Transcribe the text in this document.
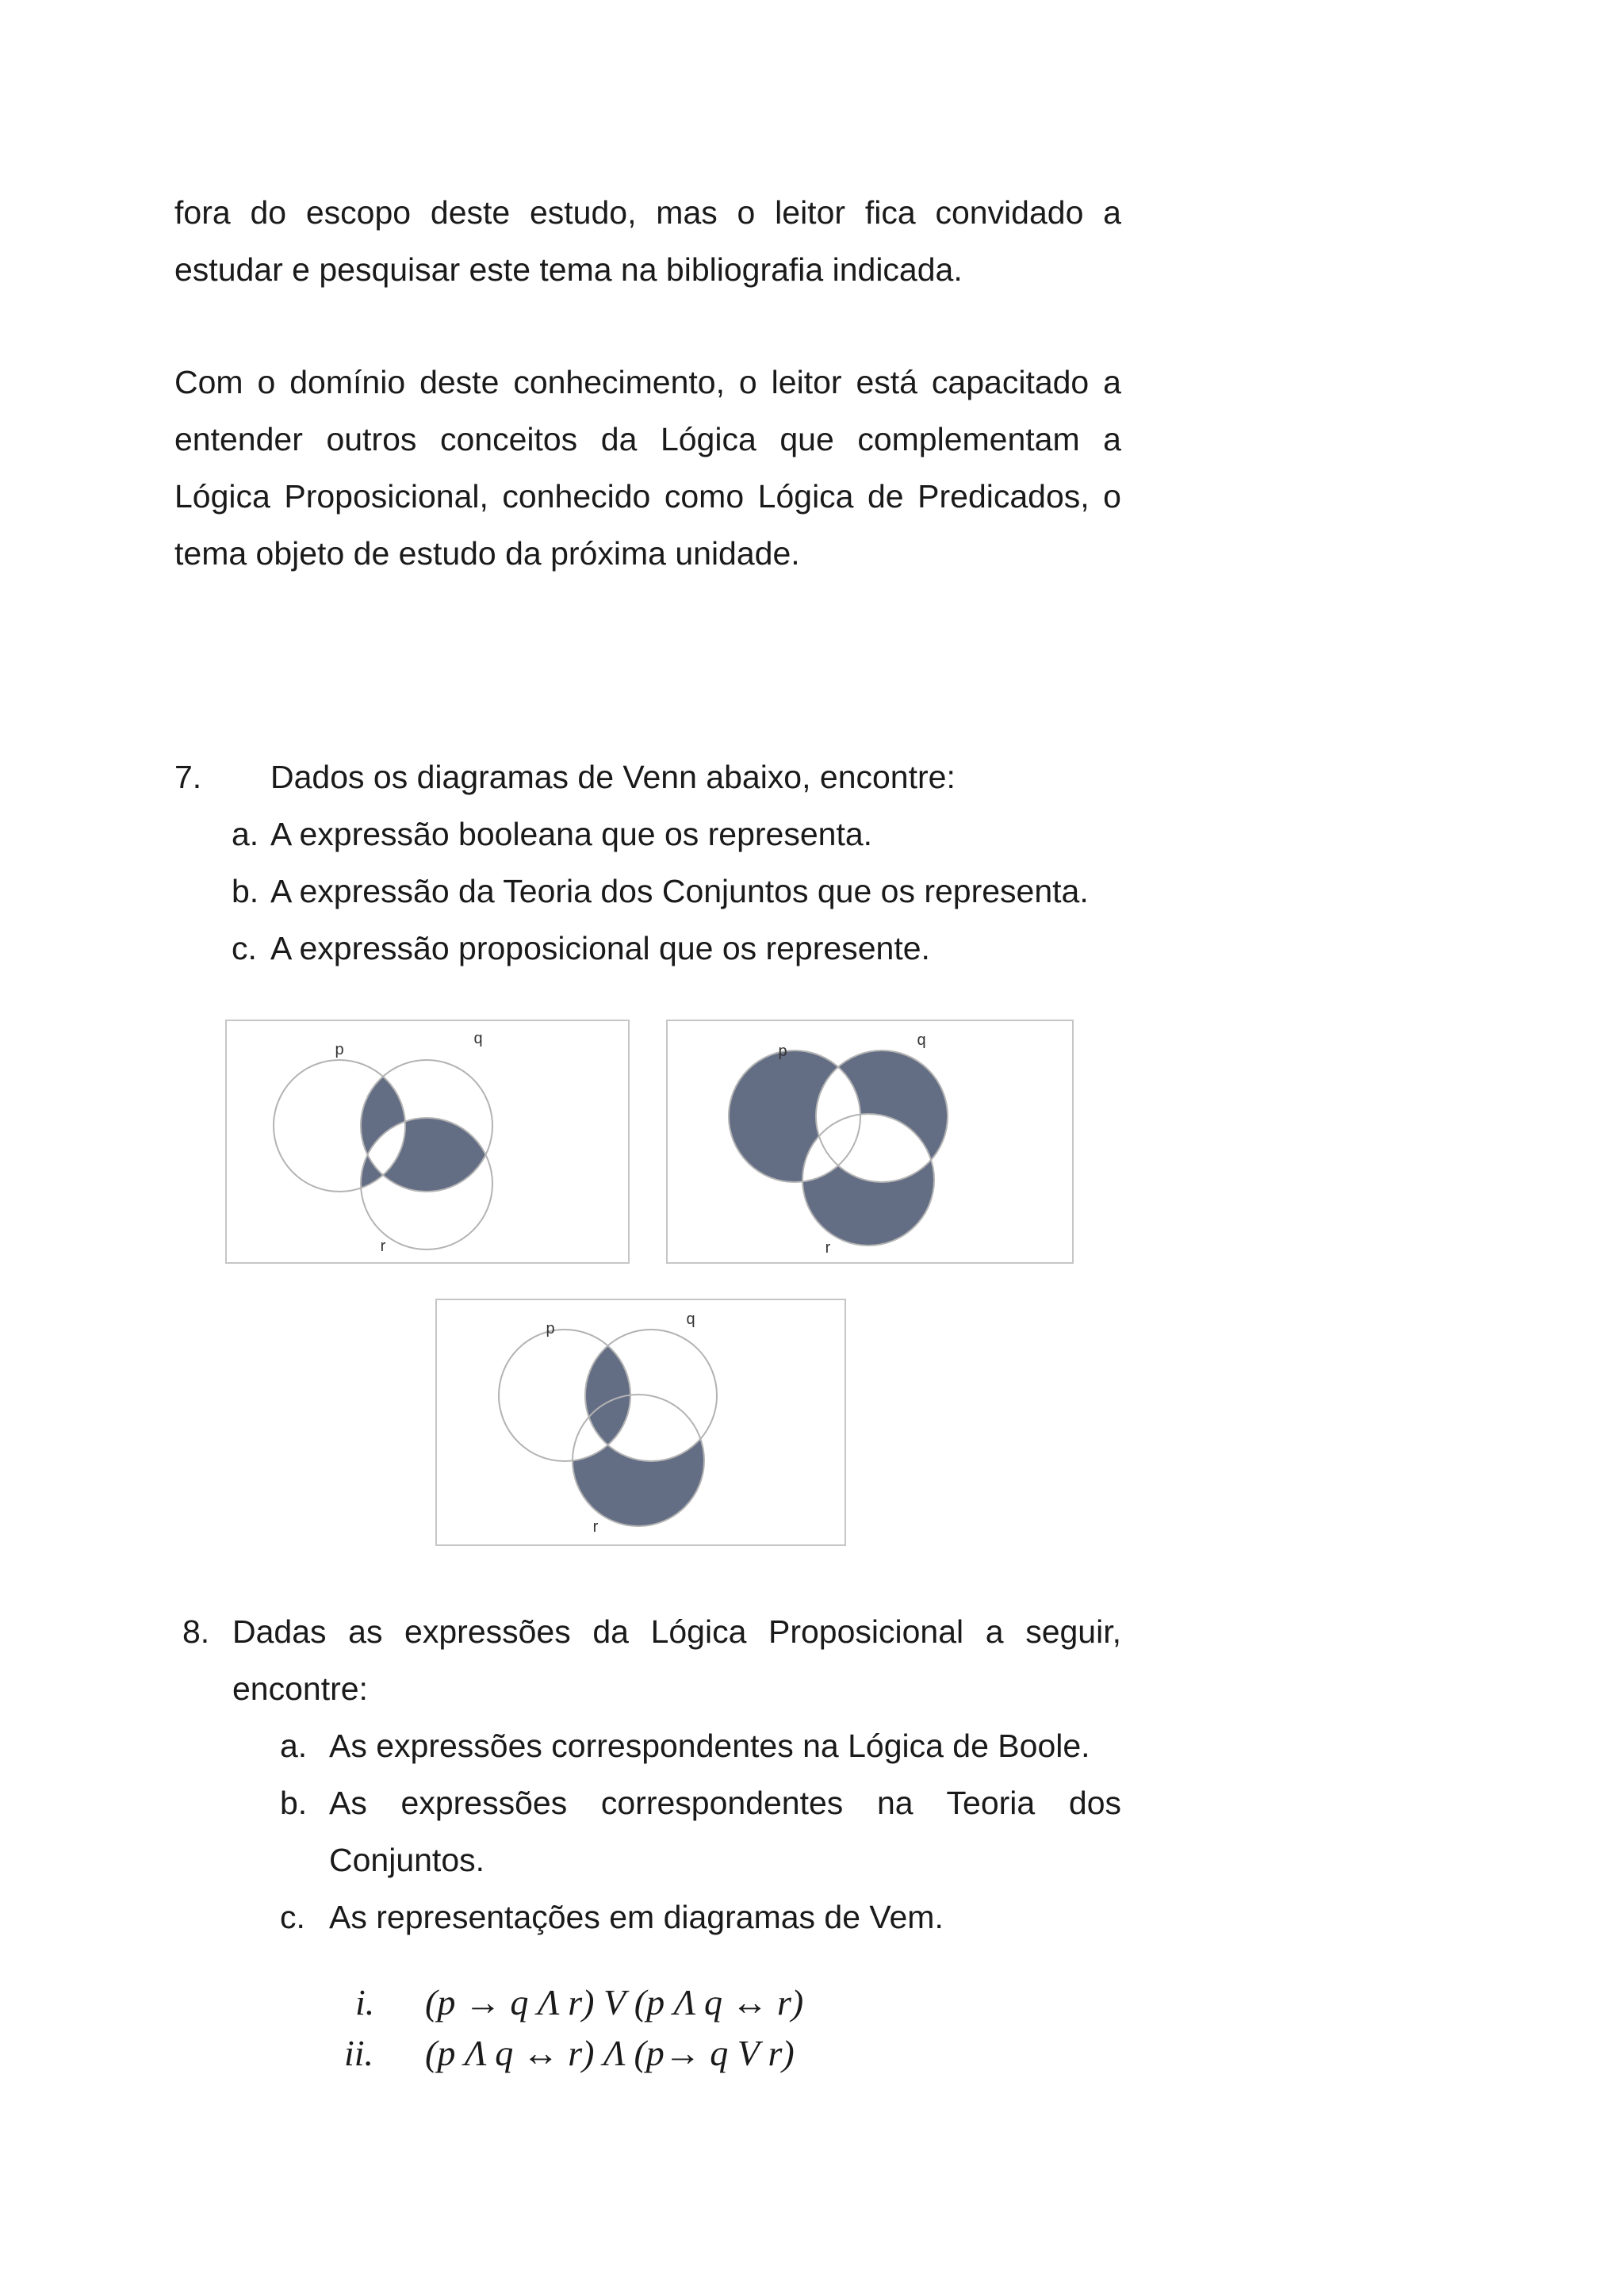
fora do escopo deste estudo, mas o leitor fica convidado a
estudar e pesquisar este tema na bibliografia indicada.
Com o domínio deste conhecimento, o leitor está capacitado a
entender outros conceitos da Lógica que complementam a
Lógica Proposicional, conhecido como Lógica de Predicados, o
tema objeto de estudo da próxima unidade.
7. Dados os diagramas de Venn abaixo, encontre:
a. A expressão booleana que os representa.
b. A expressão da Teoria dos Conjuntos que os representa.
c. A expressão proposicional que os represente.
p
q
r
p
q
r
p
q
r
8. Dadas as expressões da Lógica Proposicional a seguir,
encontre:
a. As expressões correspondentes na Lógica de Boole.
b. As expressões correspondentes na Teoria dos
Conjuntos.
c. As representações em diagramas de Vem.
i. (p → q Λ r) V (p Λ q ↔ r)
ii. (p Λ q ↔ r) Λ (p→ q V r)
